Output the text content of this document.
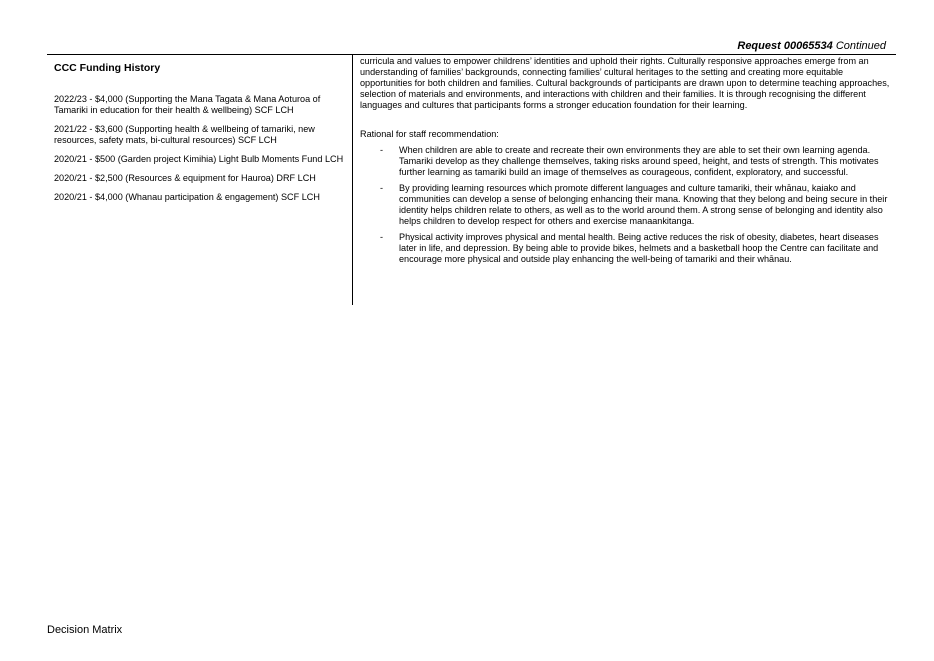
Request 00065534 Continued

CCC Funding History

2022/23 - $4,000 (Supporting the Mana Tagata & Mana Aoturoa of Tamariki in education for their health & wellbeing) SCF LCH

2021/22 - $3,600 (Supporting health & wellbeing of tamariki, new resources, safety mats, bi-cultural resources) SCF LCH

2020/21 - $500 (Garden project Kimihia) Light Bulb Moments Fund LCH

2020/21 - $2,500 (Resources & equipment for Hauroa) DRF LCH

2020/21 - $4,000 (Whanau participation & engagement) SCF LCH

curricula and values to empower childrens’ identities and uphold their rights. Culturally responsive approaches emerge from an understanding of families’ backgrounds, connecting families’ cultural heritages to the setting and creating more equitable opportunities for both children and families. Cultural backgrounds of participants are drawn upon to determine teaching approaches, selection of materials and environments, and interactions with children and their families. It is through recognising the different languages and cultures that participants forms a stronger education foundation for their learning.

Rational for staff recommendation:

- When children are able to create and recreate their own environments they are able to set their own learning agenda. Tamariki develop as they challenge themselves, taking risks around speed, height, and tests of strength. This motivates further learning as tamariki build an image of themselves as courageous, confident, exploratory, and successful.
- By providing learning resources which promote different languages and culture tamariki, their whānau, kaiako and communities can develop a sense of belonging enhancing their mana. Knowing that they belong and being secure in their identity helps children relate to others, as well as to the world around them. A strong sense of belonging and identity also helps children to develop respect for others and exercise manaankitanga.
- Physical activity improves physical and mental health. Being active reduces the risk of obesity, diabetes, heart diseases later in life, and depression. By being able to provide bikes, helmets and a basketball hoop the Centre can facilitate and encourage more physical and outside play enhancing the well-being of tamariki and their whānau.
Decision Matrix
